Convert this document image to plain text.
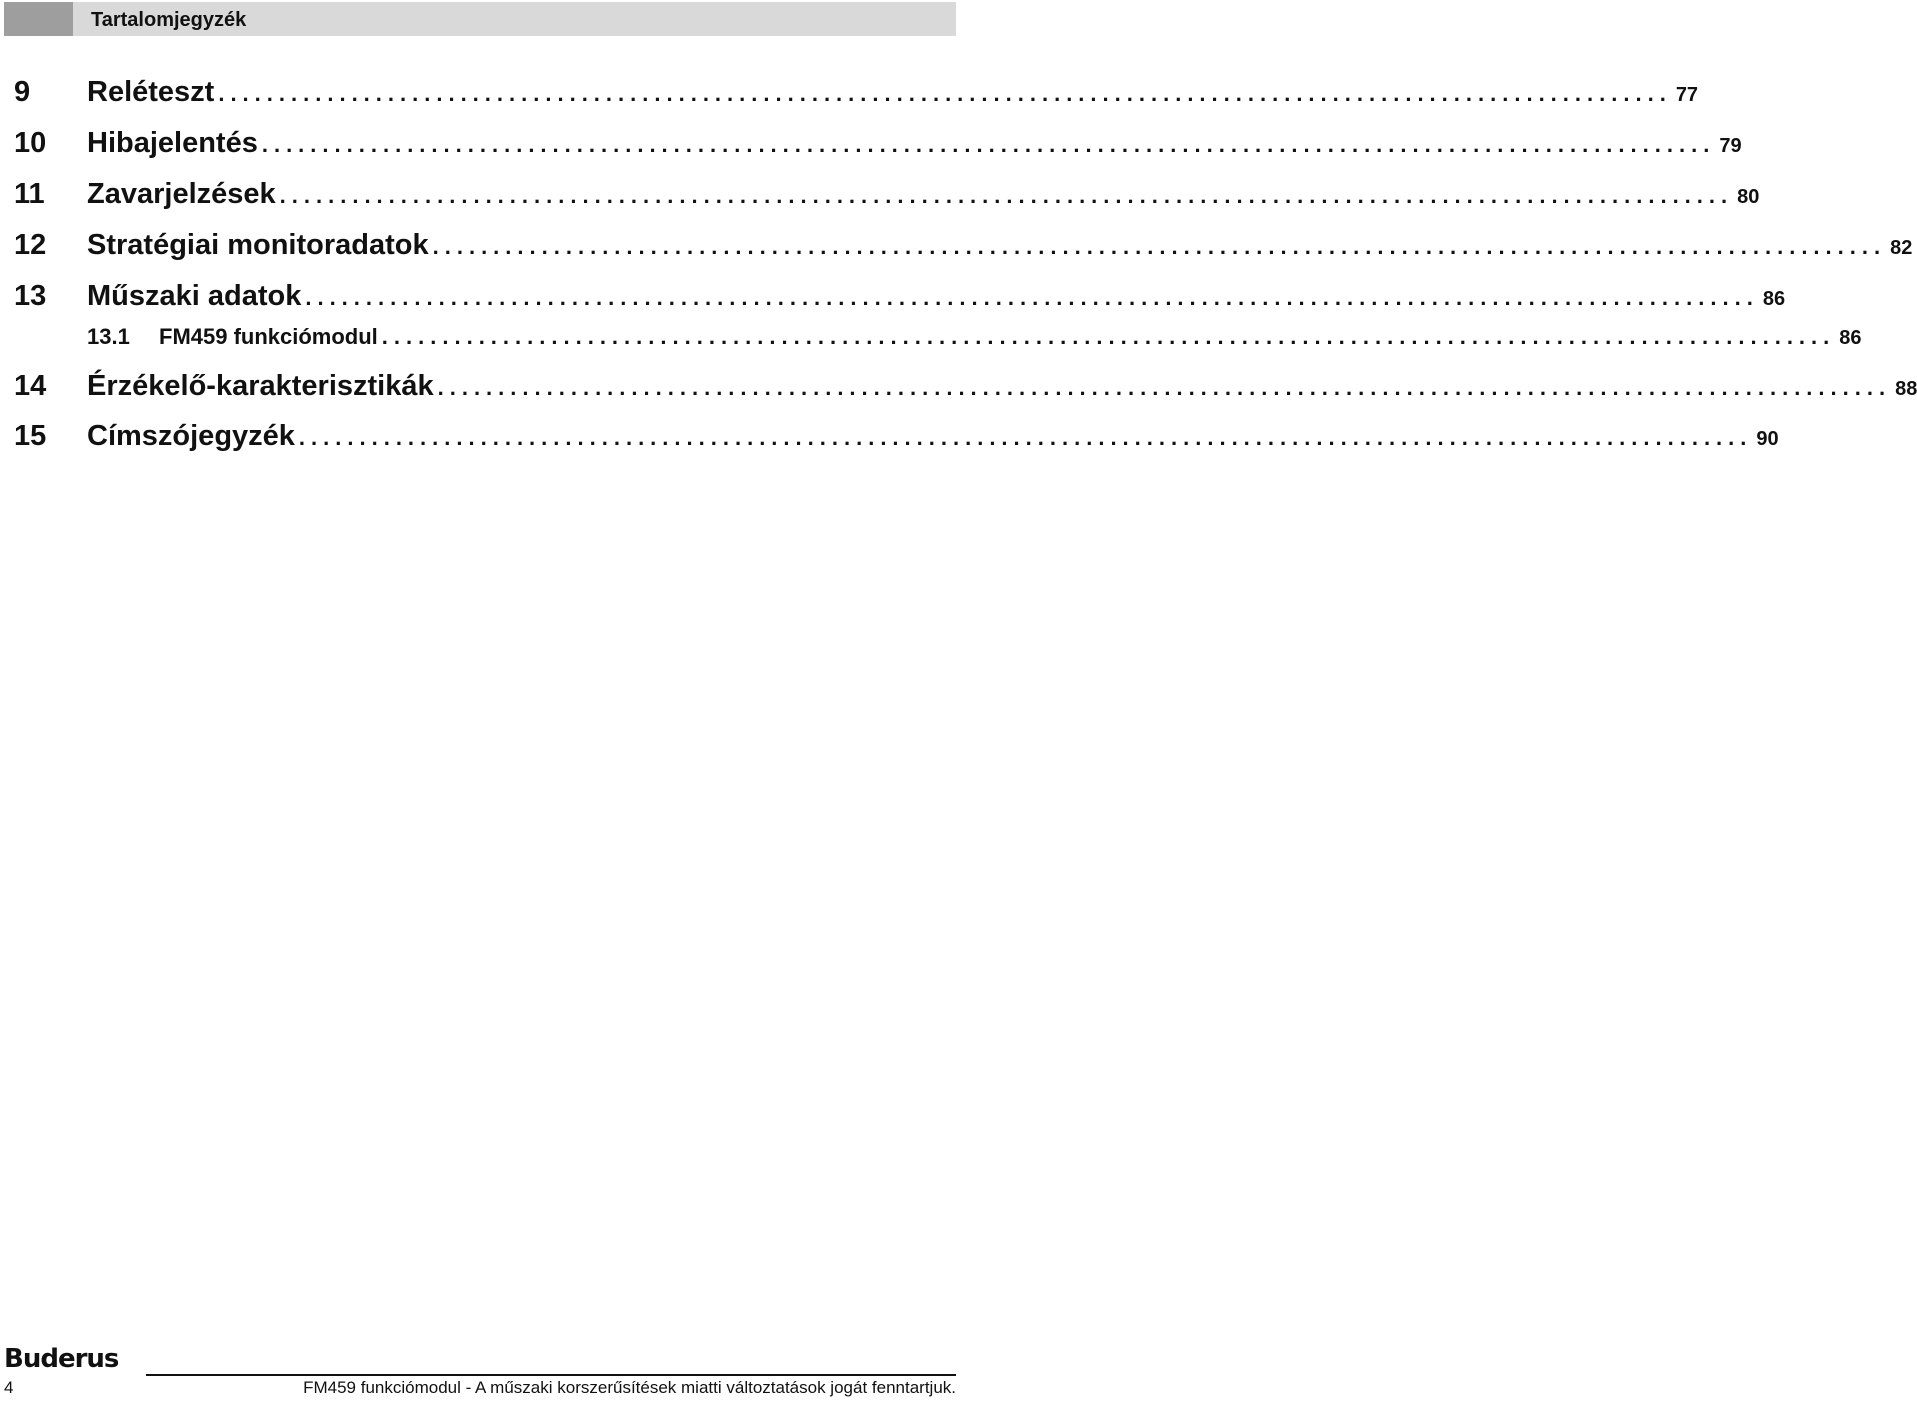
Tartalomjegyzék
9	Reléteszt ........................................................................................................................ 77
10	Hibajelentés ........................................................................................................................ 79
11	Zavarjelzések ........................................................................................................................ 80
12	Stratégiai monitoradatok ........................................................................................................................ 82
13	Műszaki adatok ........................................................................................................................ 86
13.1	FM459 funkciómodul ........................................................................................................................ 86
14	Érzékelő-karakterisztikák ........................................................................................................................ 88
15	Címszójegyzék ........................................................................................................................ 90
Buderus
4	FM459 funkciómodul - A műszaki korszerűsítések miatti változtatások jogát fenntartjuk.
